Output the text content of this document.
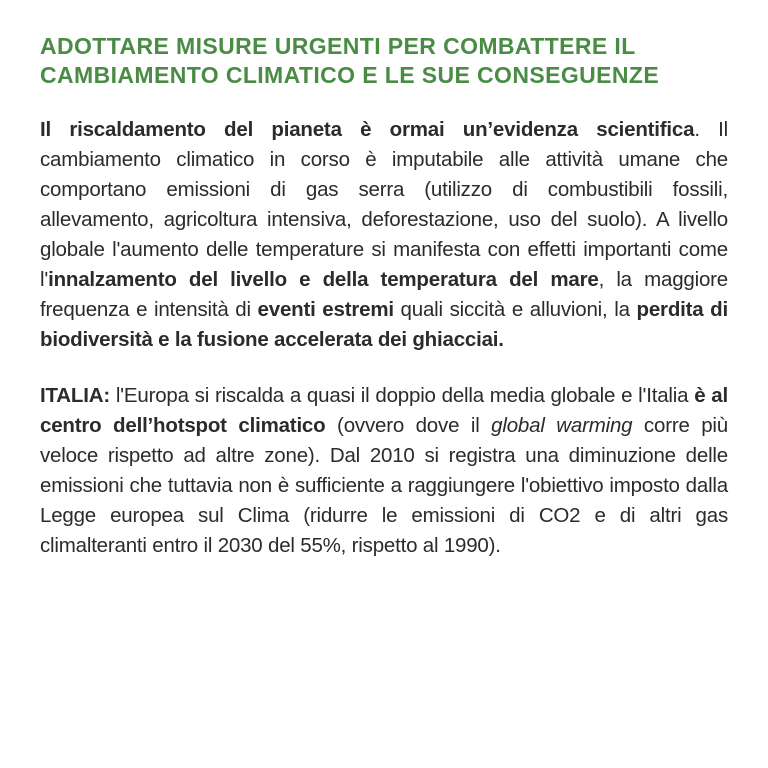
ADOTTARE MISURE URGENTI PER COMBATTERE IL
CAMBIAMENTO CLIMATICO E LE SUE CONSEGUENZE

Il riscaldamento del pianeta è ormai un’evidenza scientifica. Il cambiamento climatico in corso è imputabile alle attività umane che comportano emissioni di gas serra (utilizzo di combustibili fossili, allevamento, agricoltura intensiva, deforestazione, uso del suolo). A livello globale l'aumento delle temperature si manifesta con effetti importanti come l'innalzamento del livello e della temperatura del mare, la maggiore frequenza e intensità di eventi estremi quali siccità e alluvioni, la perdita di biodiversità e la fusione accelerata dei ghiacciai.

ITALIA: l'Europa si riscalda a quasi il doppio della media globale e l'Italia è al centro dell’hotspot climatico (ovvero dove il global warming corre più veloce rispetto ad altre zone). Dal 2010 si registra una diminuzione delle emissioni che tuttavia non è sufficiente a raggiungere l'obiettivo imposto dalla Legge europea sul Clima (ridurre le emissioni di CO2 e di altri gas climalteranti entro il 2030 del 55%, rispetto al 1990).
